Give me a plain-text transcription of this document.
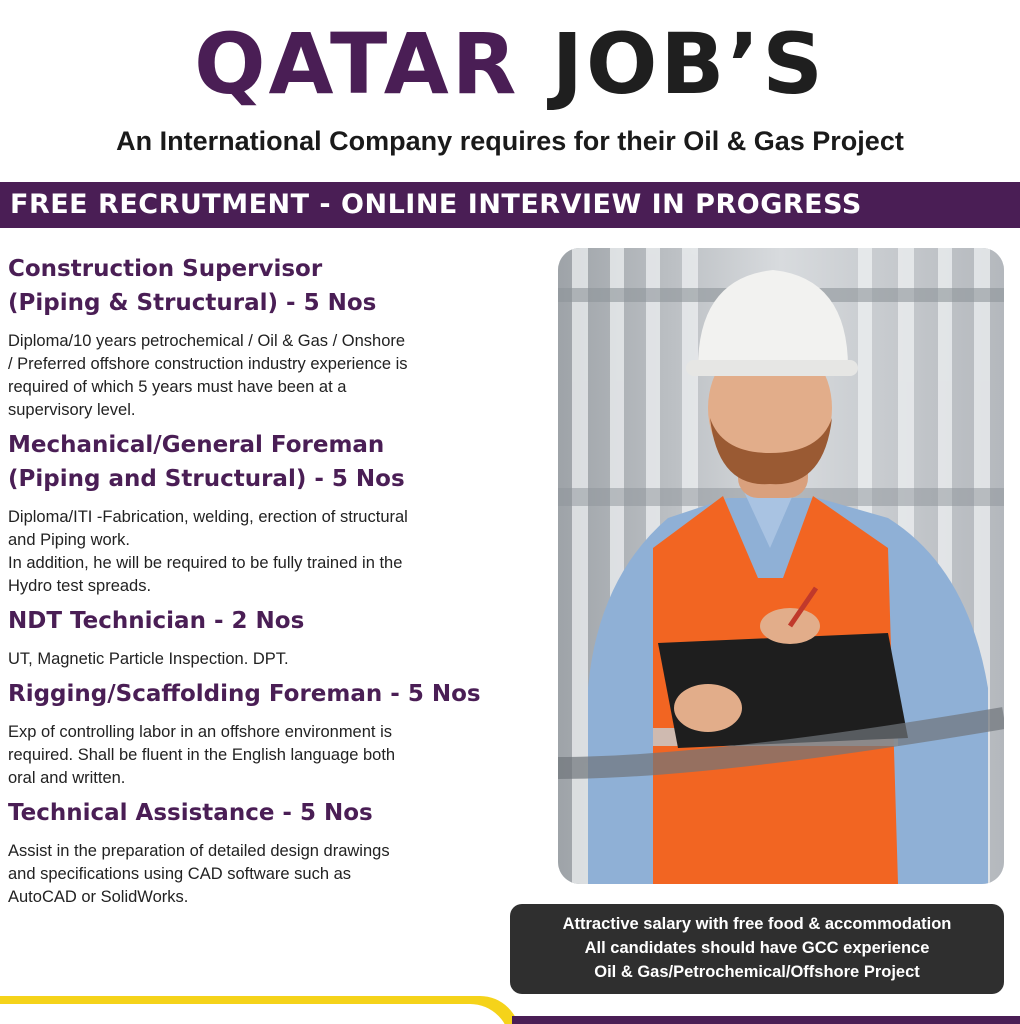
QATAR JOB’S
An International Company requires for their Oil & Gas Project
FREE RECRUTMENT - ONLINE INTERVIEW IN PROGRESS
Construction Supervisor
(Piping & Structural) - 5 Nos
Diploma/10 years petrochemical / Oil & Gas / Onshore
/ Preferred offshore construction industry experience is
required of which 5 years must have been at a
supervisory level.
Mechanical/General Foreman
(Piping and Structural) - 5 Nos
Diploma/ITI -Fabrication, welding, erection of structural
and Piping work.
In addition, he will be required to be fully trained in the
Hydro test spreads.
NDT Technician - 2 Nos
UT, Magnetic Particle Inspection. DPT.
Rigging/Scaffolding Foreman - 5 Nos
Exp of controlling labor in an offshore environment is
required. Shall be fluent in the English language both
oral and written.
Technical Assistance - 5 Nos
Assist in the preparation of detailed design drawings
and specifications using CAD software such as
AutoCAD or SolidWorks.
Attractive salary with free food & accommodation
All candidates should have GCC experience
Oil & Gas/Petrochemical/Offshore Project
